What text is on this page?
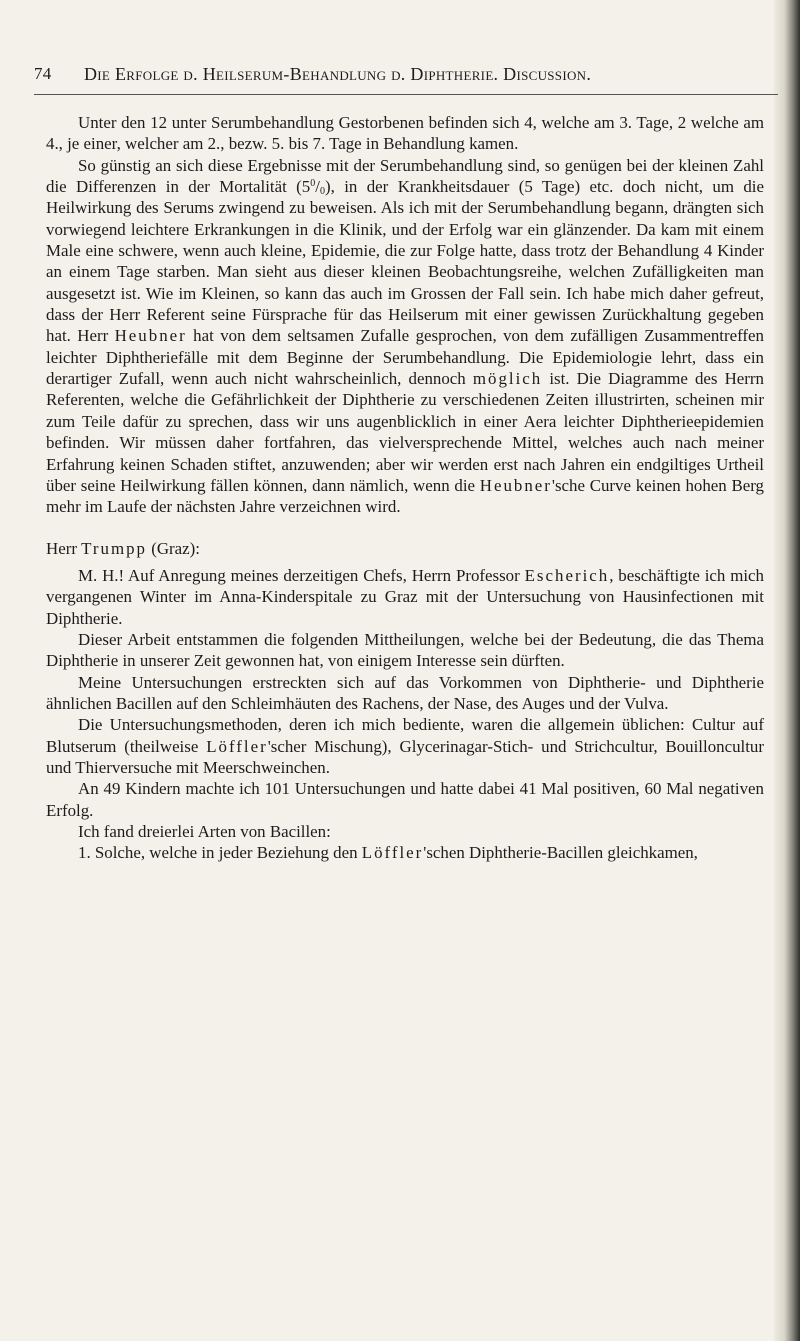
74 Die Erfolge d. Heilserum-Behandlung d. Diphtherie. Discussion.

Unter den 12 unter Serumbehandlung Gestorbenen befinden sich 4, welche am 3. Tage, 2 welche am 4., je einer, welcher am 2., bezw. 5. bis 7. Tage in Behandlung kamen.

So günstig an sich diese Ergebnisse mit der Serumbehandlung sind, so genügen bei der kleinen Zahl die Differenzen in der Mortalität $(5^0/_0)$, in der Krankheitsdauer (5 Tage) etc. doch nicht, um die Heilwirkung des Serums zwingend zu beweisen. Als ich mit der Serumbehandlung begann, drängten sich vorwiegend leichtere Erkrankungen in die Klinik, und der Erfolg war ein glänzender. Da kam mit einem Male eine schwere, wenn auch kleine, Epidemie, die zur Folge hatte, dass trotz der Behandlung 4 Kinder an einem Tage starben. Man sieht aus dieser kleinen Beobachtungsreihe, welchen Zufälligkeiten man ausgesetzt ist. Wie im Kleinen, so kann das auch im Grossen der Fall sein. Ich habe mich daher gefreut, dass der Herr Referent seine Fürsprache für das Heilserum mit einer gewissen Zurückhaltung gegeben hat. Herr Heubner hat von dem seltsamen Zufalle gesprochen, von dem zufälligen Zusammentreffen leichter Diphtheriefälle mit dem Beginne der Serumbehandlung. Die Epidemiologie lehrt, dass ein derartiger Zufall, wenn auch nicht wahrscheinlich, dennoch möglich ist. Die Diagramme des Herrn Referenten, welche die Gefährlichkeit der Diphtherie zu verschiedenen Zeiten illustrirten, scheinen mir zum Teile dafür zu sprechen, dass wir uns augenblicklich in einer Aera leichter Diphtherieepidemien befinden. Wir müssen daher fortfahren, das vielversprechende Mittel, welches auch nach meiner Erfahrung keinen Schaden stiftet, anzuwenden; aber wir werden erst nach Jahren ein endgiltiges Urtheil über seine Heilwirkung fällen können, dann nämlich, wenn die Heubner'sche Curve keinen hohen Berg mehr im Laufe der nächsten Jahre verzeichnen wird.

Herr Trumpp (Graz):

M. H.! Auf Anregung meines derzeitigen Chefs, Herrn Professor Escherich, beschäftigte ich mich vergangenen Winter im Anna-Kinderspitale zu Graz mit der Untersuchung von Hausinfectionen mit Diphtherie.

Dieser Arbeit entstammen die folgenden Mittheilungen, welche bei der Bedeutung, die das Thema Diphtherie in unserer Zeit gewonnen hat, von einigem Interesse sein dürften.

Meine Untersuchungen erstreckten sich auf das Vorkommen von Diphtherie- und Diphtherie ähnlichen Bacillen auf den Schleimhäuten des Rachens, der Nase, des Auges und der Vulva.

Die Untersuchungsmethoden, deren ich mich bediente, waren die allgemein üblichen: Cultur auf Blutserum (theilweise Löffler'scher Mischung), Glycerinagar-Stich- und Strichcultur, Bouilloncultur und Thierversuche mit Meerschweinchen.

An 49 Kindern machte ich 101 Untersuchungen und hatte dabei 41 Mal positiven, 60 Mal negativen Erfolg.

Ich fand dreierlei Arten von Bacillen:

1. Solche, welche in jeder Beziehung den Löffler'schen Diphtherie-Bacillen gleichkamen,
